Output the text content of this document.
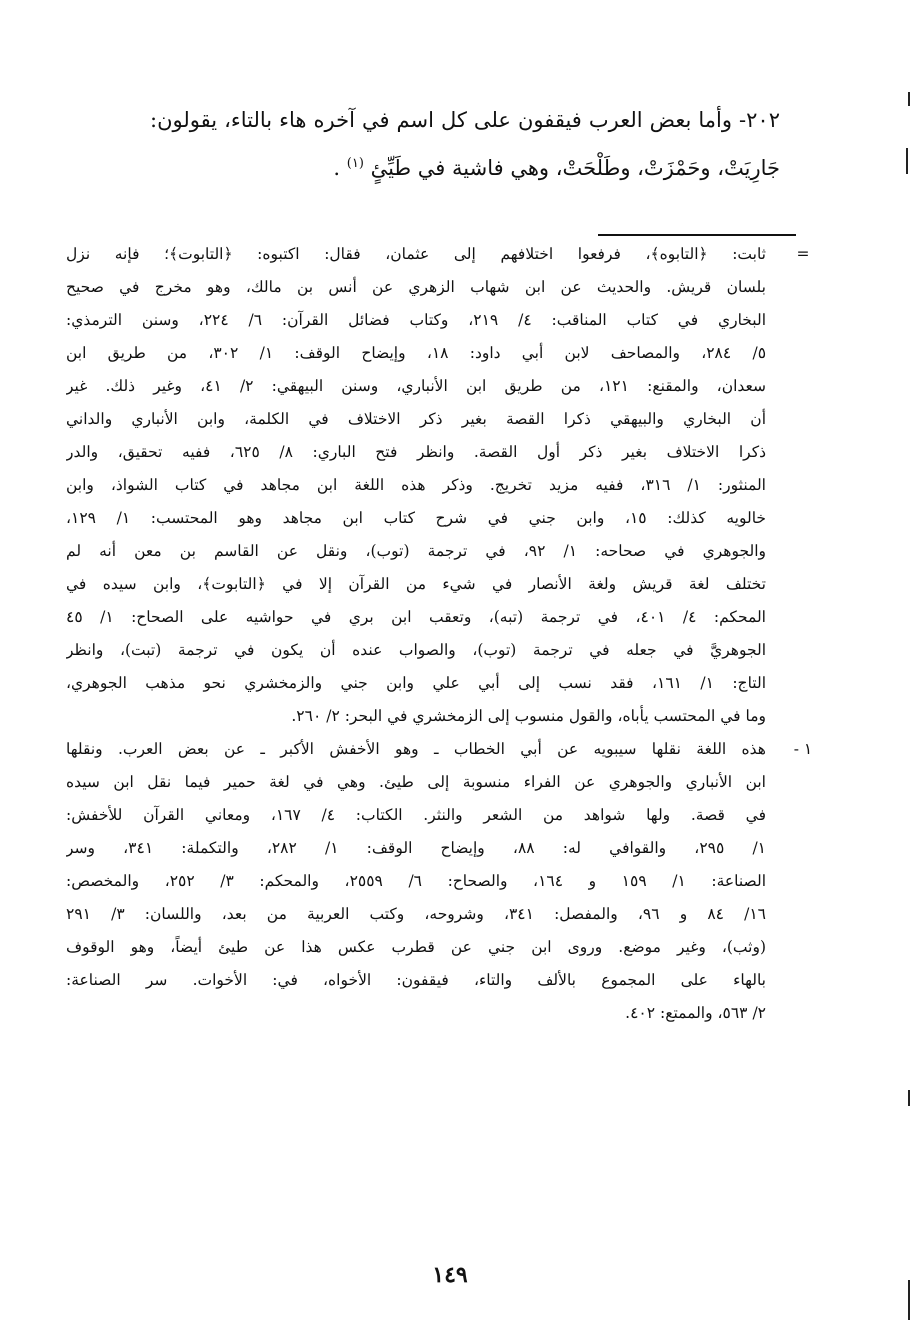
٢٠٢- وأما بعض العرب فيقفون على كل اسم في آخره هاء بالتاء، يقولون: جَارِيَتْ، وحَمْزَتْ، وطَلْحَتْ، وهي فاشية في طَيِّئٍ $^{(١)}$ .

=
ثابت: ﴿التابوه﴾، فرفعوا اختلافهم إلى عثمان، فقال: اكتبوه: ﴿التابوت﴾؛ فإنه نزل
بلسان قريش. والحديث عن ابن شهاب الزهري عن أنس بن مالك، وهو مخرج في صحيح
البخاري في كتاب المناقب: ٤/ ٢١٩، وكتاب فضائل القرآن: ٦/ ٢٢٤، وسنن الترمذي:
٥/ ٢٨٤، والمصاحف لابن أبي داود: ١٨، وإيضاح الوقف: ١/ ٣٠٢، من طريق ابن
سعدان، والمقنع: ١٢١، من طريق ابن الأنباري، وسنن البيهقي: ٢/ ٤١، وغير ذلك. غير
أن البخاري والبيهقي ذكرا القصة بغير ذكر الاختلاف في الكلمة، وابن الأنباري والداني
ذكرا الاختلاف بغير ذكر أول القصة. وانظر فتح الباري: ٨/ ٦٢٥، ففيه تحقيق، والدر
المنثور: ١/ ٣١٦، ففيه مزيد تخريج. وذكر هذه اللغة ابن مجاهد في كتاب الشواذ، وابن
خالويه كذلك: ١٥، وابن جني في شرح كتاب ابن مجاهد وهو المحتسب: ١/ ١٢٩،
والجوهري في صحاحه: ١/ ٩٢، في ترجمة (توب)، ونقل عن القاسم بن معن أنه لم
تختلف لغة قريش ولغة الأنصار في شيء من القرآن إلا في ﴿التابوت﴾، وابن سيده في
المحكم: ٤/ ٤٠١، في ترجمة (تبه)، وتعقب ابن بري في حواشيه على الصحاح: ١/ ٤٥
الجوهريَّ في جعله في ترجمة (توب)، والصواب عنده أن يكون في ترجمة (تبت)، وانظر
التاج: ١/ ١٦١، فقد نسب إلى أبي علي وابن جني والزمخشري نحو مذهب الجوهري،
وما في المحتسب يأباه، والقول منسوب إلى الزمخشري في البحر: ٢/ ٢٦٠.
١ -
هذه اللغة نقلها سيبويه عن أبي الخطاب ـ وهو الأخفش الأكبر ـ عن بعض العرب. ونقلها
ابن الأنباري والجوهري عن الفراء منسوبة إلى طيئ. وهي في لغة حمير فيما نقل ابن سيده
في قصة. ولها شواهد من الشعر والنثر. الكتاب: ٤/ ١٦٧، ومعاني القرآن للأخفش:
١/ ٢٩٥، والقوافي له: ٨٨، وإيضاح الوقف: ١/ ٢٨٢، والتكملة: ٣٤١، وسر
الصناعة: ١/ ١٥٩ و ١٦٤، والصحاح: ٦/ ٢٥٥٩، والمحكم: ٣/ ٢٥٢، والمخصص:
١٦/ ٨٤ و ٩٦، والمفصل: ٣٤١، وشروحه، وكتب العربية من بعد، واللسان: ٣/ ٢٩١
(وثب)، وغير موضع. وروى ابن جني عن قطرب عكس هذا عن طيئ أيضاً، وهو الوقوف
بالهاء على المجموع بالألف والتاء، فيقفون: الأخواه، في: الأخوات. سر الصناعة:
٢/ ٥٦٣، والممتع: ٤٠٢.
١٤٩
